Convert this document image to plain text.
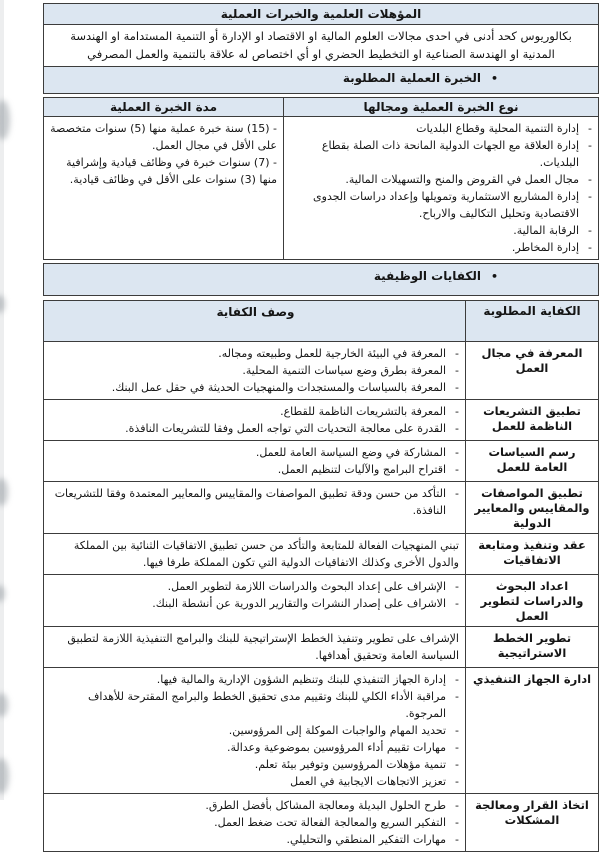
المؤهلات العلمية والخبرات العملية
بكالوريوس كحد أدنى في احدى مجالات العلوم المالية او الاقتصاد او الإدارة أو التنمية المستدامة او الهندسة المدنية او الهندسة الصناعية او التخطيط الحضري او أي اختصاص له علاقة بالتنمية والعمل المصرفي
•
الخبرة العملية المطلوبة
نوع الخبرة العملية ومجالها
مدة الخبرة العملية
- إدارة التنمية المحلية وقطاع البلديات
- إدارة العلاقة مع الجهات الدولية المانحة ذات الصلة بقطاع البلديات.
- مجال العمل في القروض والمنح والتسهيلات المالية.
- إدارة المشاريع الاستثمارية وتمويلها وإعداد دراسات الجدوى الاقتصادية وتحليل التكاليف والارباح.
- الرقابة المالية.
- إدارة المخاطر.

- (15) سنة خبرة عملية منها (5) سنوات متخصصة على الأقل في مجال العمل.

- (7) سنوات خبرة في وظائف قيادية وإشرافية منها (3) سنوات على الأقل في وظائف قيادية.

•
الكفايات الوظيفية
الكفاية المطلوبة
وصف الكفاية
المعرفة في مجال العمل
- المعرفة في البيئة الخارجية للعمل وطبيعته ومجاله.
- المعرفة بطرق وضع سياسات التنمية المحلية.
- المعرفة بالسياسات والمستجدات والمنهجيات الحديثة في حقل عمل البنك.
تطبيق التشريعات الناظمة للعمل
- المعرفة بالتشريعات الناظمة للقطاع.
- القدرة على معالجة التحديات التي تواجه العمل وفقا للتشريعات النافذة.
رسم السياسات العامة للعمل
- المشاركة في وضع السياسة العامة للعمل.
- اقتراح البرامج والآليات لتنظيم العمل.
تطبيق المواصفات والمقاييس والمعايير الدولية
- التأكد من حسن ودقة تطبيق المواصفات والمقاييس والمعايير المعتمدة وفقا للتشريعات النافذة.
عقد وتنفيذ ومتابعة الاتفاقيات
تبني المنهجيات الفعالة للمتابعة والتأكد من حسن تطبيق الاتفاقيات الثنائية بين المملكة والدول الأخرى وكذلك الاتفاقيات الدولية التي تكون المملكة طرفا فيها.
اعداد البحوث والدراسات لتطوير العمل
- الإشراف على إعداد البحوث والدراسات اللازمة لتطوير العمل.
- الاشراف على إصدار النشرات والتقارير الدورية عن أنشطة البنك.
تطوير الخطط الاستراتيجية
الإشراف على تطوير وتنفيذ الخطط الإستراتيجية للبنك والبرامج التنفيذية اللازمة لتطبيق السياسة العامة وتحقيق أهدافها.
ادارة الجهاز التنفيذي
- إدارة الجهاز التنفيذي للبنك وتنظيم الشؤون الإدارية والمالية فيها.
- مراقبة الأداء الكلي للبنك وتقييم مدى تحقيق الخطط والبرامج المقترحة للأهداف المرجوة.
- تحديد المهام والواجبات الموكلة إلى المرؤوسين.
- مهارات تقييم أداء المرؤوسين بموضوعية وعدالة.
- تنمية مؤهلات المرؤوسين وتوفير بيئة تعلم.
- تعزيز الاتجاهات الايجابية في العمل
اتخاذ القرار ومعالجة المشكلات
- طرح الحلول البديلة ومعالجة المشاكل بأفضل الطرق.
- التفكير السريع والمعالجة الفعالة تحت ضغط العمل.
- مهارات التفكير المنطقي والتحليلي.
